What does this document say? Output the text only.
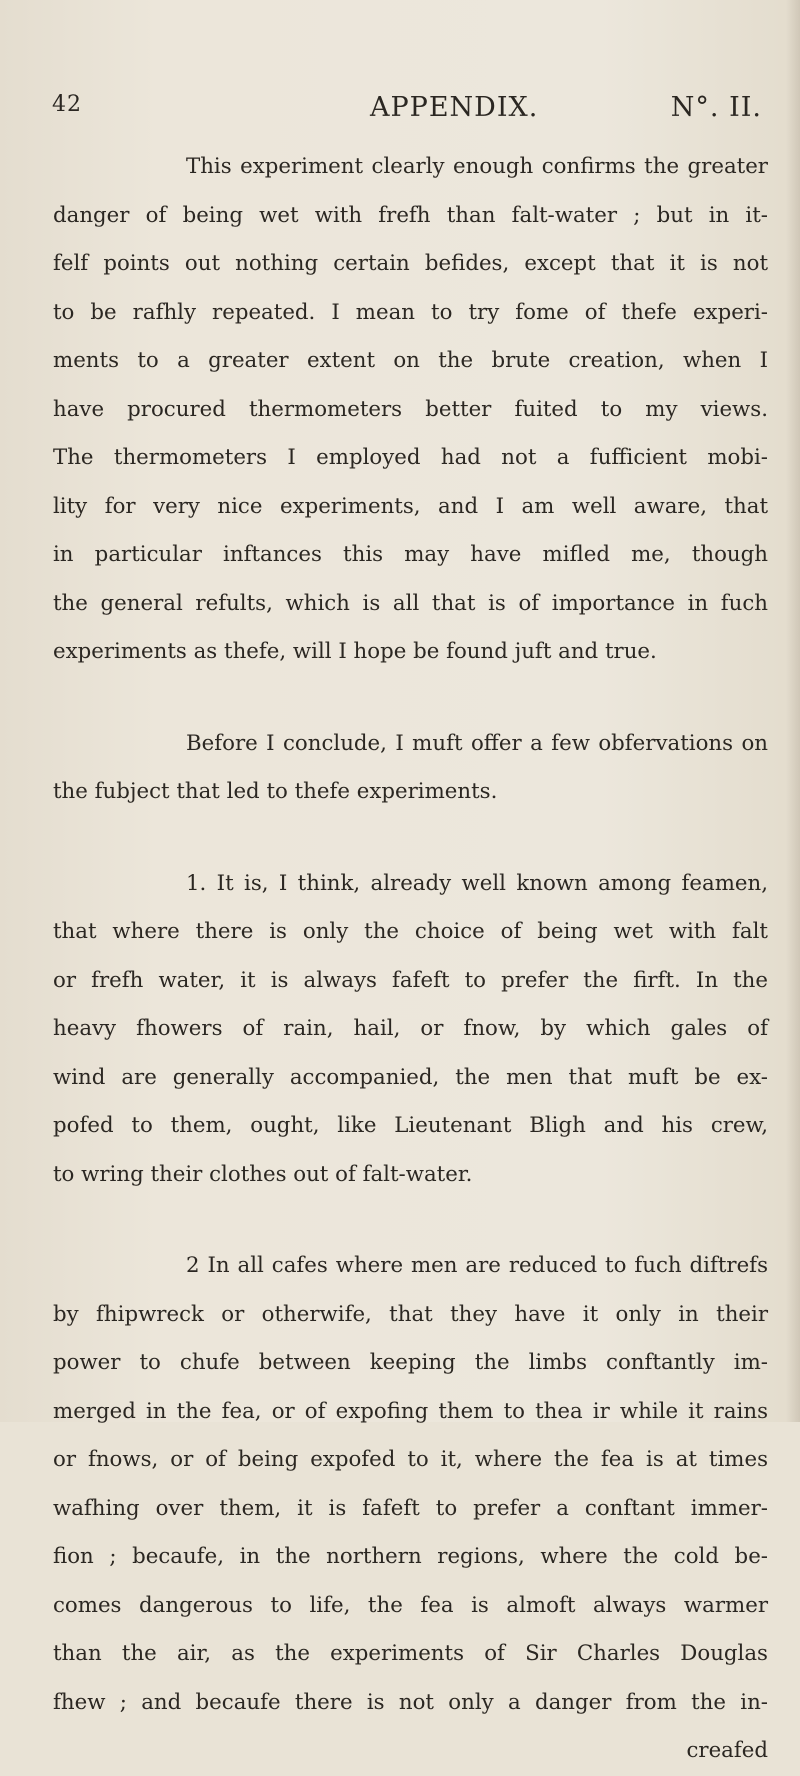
42	APPENDIX.	N°. II.
This experiment clearly enough confirms the greater
danger of being wet with frefh than falt-water ; but in it-
felf points out nothing certain befides, except that it is not
to be rafhly repeated. I mean to try fome of thefe experi-
ments to a greater extent on the brute creation, when I
have procured thermometers better fuited to my views.
The thermometers I employed had not a fufficient mobi-
lity for very nice experiments, and I am well aware, that
in particular inftances this may have mifled me, though
the general refults, which is all that is of importance in fuch
experiments as thefe, will I hope be found juft and true.
Before I conclude, I muft offer a few obfervations on
the fubject that led to thefe experiments.
1. It is, I think, already well known among feamen,
that where there is only the choice of being wet with falt
or frefh water, it is always fafeft to prefer the firft. In the
heavy fhowers of rain, hail, or fnow, by which gales of
wind are generally accompanied, the men that muft be ex-
pofed to them, ought, like Lieutenant Bligh and his crew,
to wring their clothes out of falt-water.
2 In all cafes where men are reduced to fuch diftrefs
by fhipwreck or otherwife, that they have it only in their
power to chufe between keeping the limbs conftantly im-
merged in the fea, or of expofing them to thea ir while it rains
or fnows, or of being expofed to it, where the fea is at times
wafhing over them, it is fafeft to prefer a conftant immer-
fion ; becaufe, in the northern regions, where the cold be-
comes dangerous to life, the fea is almoft always warmer
than the air, as the experiments of Sir Charles Douglas
fhew ; and becaufe there is not only a danger from the in-
creafed
